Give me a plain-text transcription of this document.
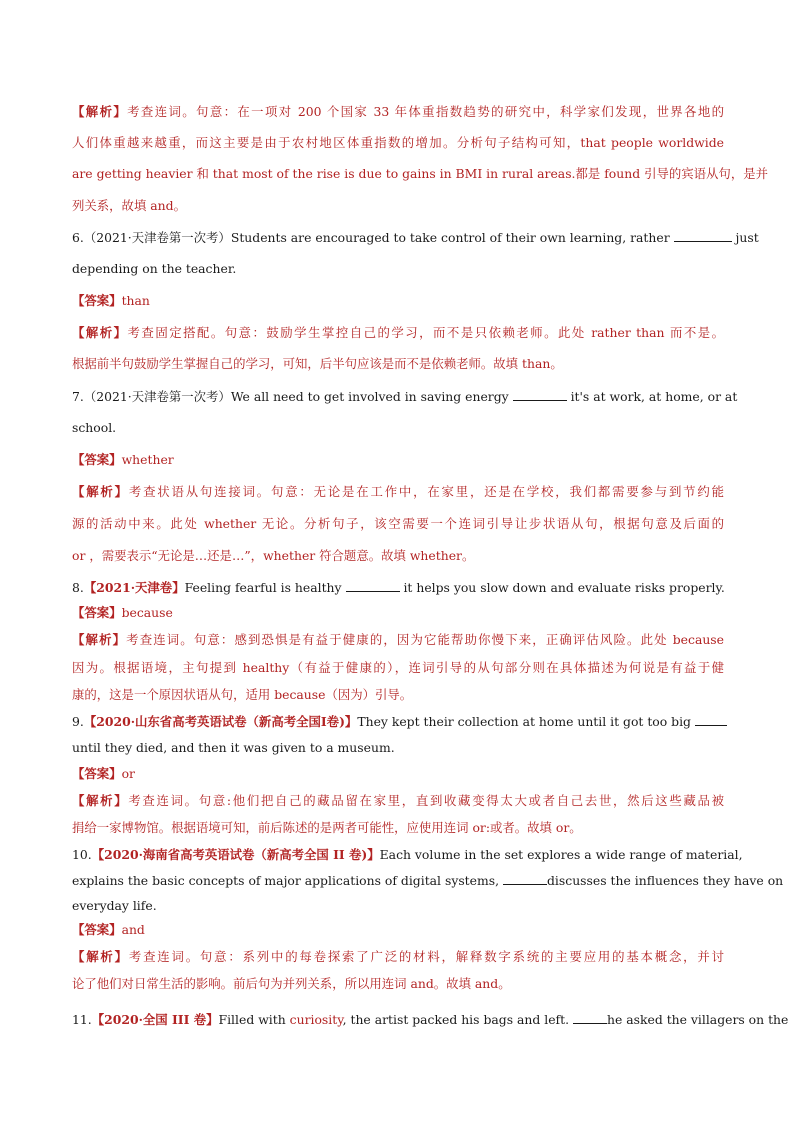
【解析】考查连词。句意：在一项对 200 个国家 33 年体重指数趋势的研究中，科学家们发现，世界各地的
人们体重越来越重，而这主要是由于农村地区体重指数的增加。分析句子结构可知，that people worldwide
are getting heavier 和 that most of the rise is due to gains in BMI in rural areas.都是 found 引导的宾语从句，是并
列关系，故填 and。
6.（2021·天津卷第一次考）Students are encouraged to take control of their own learning, rather	just
depending on the teacher.
【答案】than
【解析】考查固定搭配。句意：鼓励学生掌控自己的学习，而不是只依赖老师。此处 rather than 而不是。
根据前半句鼓励学生掌握自己的学习，可知，后半句应该是而不是依赖老师。故填 than。
7.（2021·天津卷第一次考）We all need to get involved in saving energy	it's at work, at home, or at
school.
【答案】whether
【解析】考查状语从句连接词。句意：无论是在工作中，在家里，还是在学校，我们都需要参与到节约能
源的活动中来。此处 whether 无论。分析句子，该空需要一个连词引导让步状语从句，根据句意及后面的
or ，需要表示“无论是…还是…”，whether 符合题意。故填 whether。
8.【2021·天津卷】Feeling fearful is healthy	it helps you slow down and evaluate risks properly.
【答案】because
【解析】考查连词。句意：感到恐惧是有益于健康的，因为它能帮助你慢下来，正确评估风险。此处 because
因为。根据语境，主句提到 healthy（有益于健康的），连词引导的从句部分则在具体描述为何说是有益于健
康的，这是一个原因状语从句，适用 because（因为）引导。
9.【2020·山东省高考英语试卷（新高考全国Ⅰ卷)】They kept their collection at home until it got too big
until they died, and then it was given to a museum.
【答案】or
【解析】考查连词。句意:他们把自己的藏品留在家里，直到收藏变得太大或者自己去世，然后这些藏品被
捐给一家博物馆。根据语境可知，前后陈述的是两者可能性，应使用连词 or:或者。故填 or。
10.【2020·海南省高考英语试卷（新高考全国 II 卷)】Each volume in the set explores a wide range of material,
explains the basic concepts of major applications of digital systems,	discusses the influences they have on
everyday life.
【答案】and
【解析】考查连词。句意：系列中的每卷探索了广泛的材料，解释数字系统的主要应用的基本概念，并讨
论了他们对日常生活的影响。前后句为并列关系，所以用连词 and。故填 and。
11.【2020·全国 III 卷】Filled with curiosity, the artist packed his bags and left.	he asked the villagers on the
